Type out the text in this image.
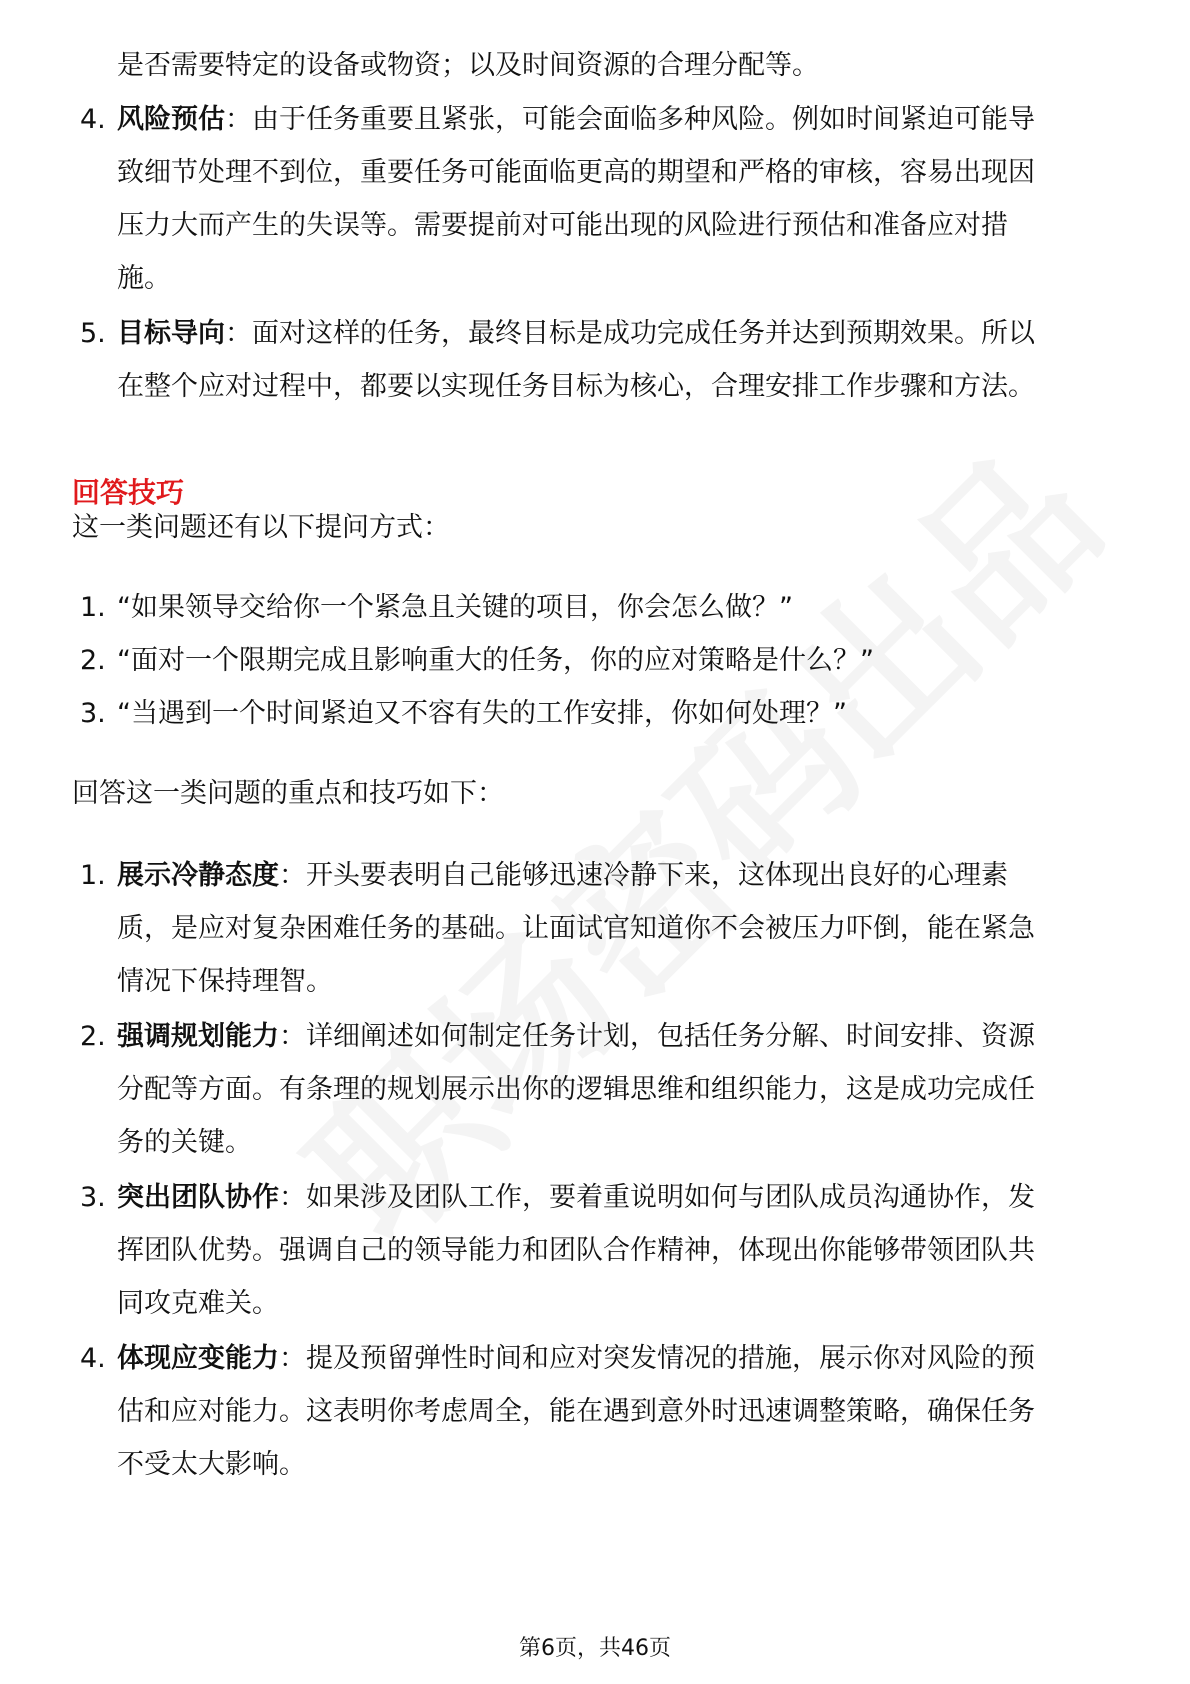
是否需要特定的设备或物资；以及时间资源的合理分配等。
4. 风险预估：由于任务重要且紧张，可能会面临多种风险。例如时间紧迫可能导
致细节处理不到位，重要任务可能面临更高的期望和严格的审核，容易出现因
压力大而产生的失误等。需要提前对可能出现的风险进行预估和准备应对措
施。
5. 目标导向：面对这样的任务，最终目标是成功完成任务并达到预期效果。所以
在整个应对过程中，都要以实现任务目标为核心，合理安排工作步骤和方法。
回答技巧
这一类问题还有以下提问方式：
1. “如果领导交给你一个紧急且关键的项目，你会怎么做？”
2. “面对一个限期完成且影响重大的任务，你的应对策略是什么？”
3. “当遇到一个时间紧迫又不容有失的工作安排，你如何处理？”
回答这一类问题的重点和技巧如下：
1. 展示冷静态度：开头要表明自己能够迅速冷静下来，这体现出良好的心理素
质，是应对复杂困难任务的基础。让面试官知道你不会被压力吓倒，能在紧急
情况下保持理智。
2. 强调规划能力：详细阐述如何制定任务计划，包括任务分解、时间安排、资源
分配等方面。有条理的规划展示出你的逻辑思维和组织能力，这是成功完成任
务的关键。
3. 突出团队协作：如果涉及团队工作，要着重说明如何与团队成员沟通协作，发
挥团队优势。强调自己的领导能力和团队合作精神，体现出你能够带领团队共
同攻克难关。
4. 体现应变能力：提及预留弹性时间和应对突发情况的措施，展示你对风险的预
估和应对能力。这表明你考虑周全，能在遇到意外时迅速调整策略，确保任务
不受太大影响。
第6页，共46页
